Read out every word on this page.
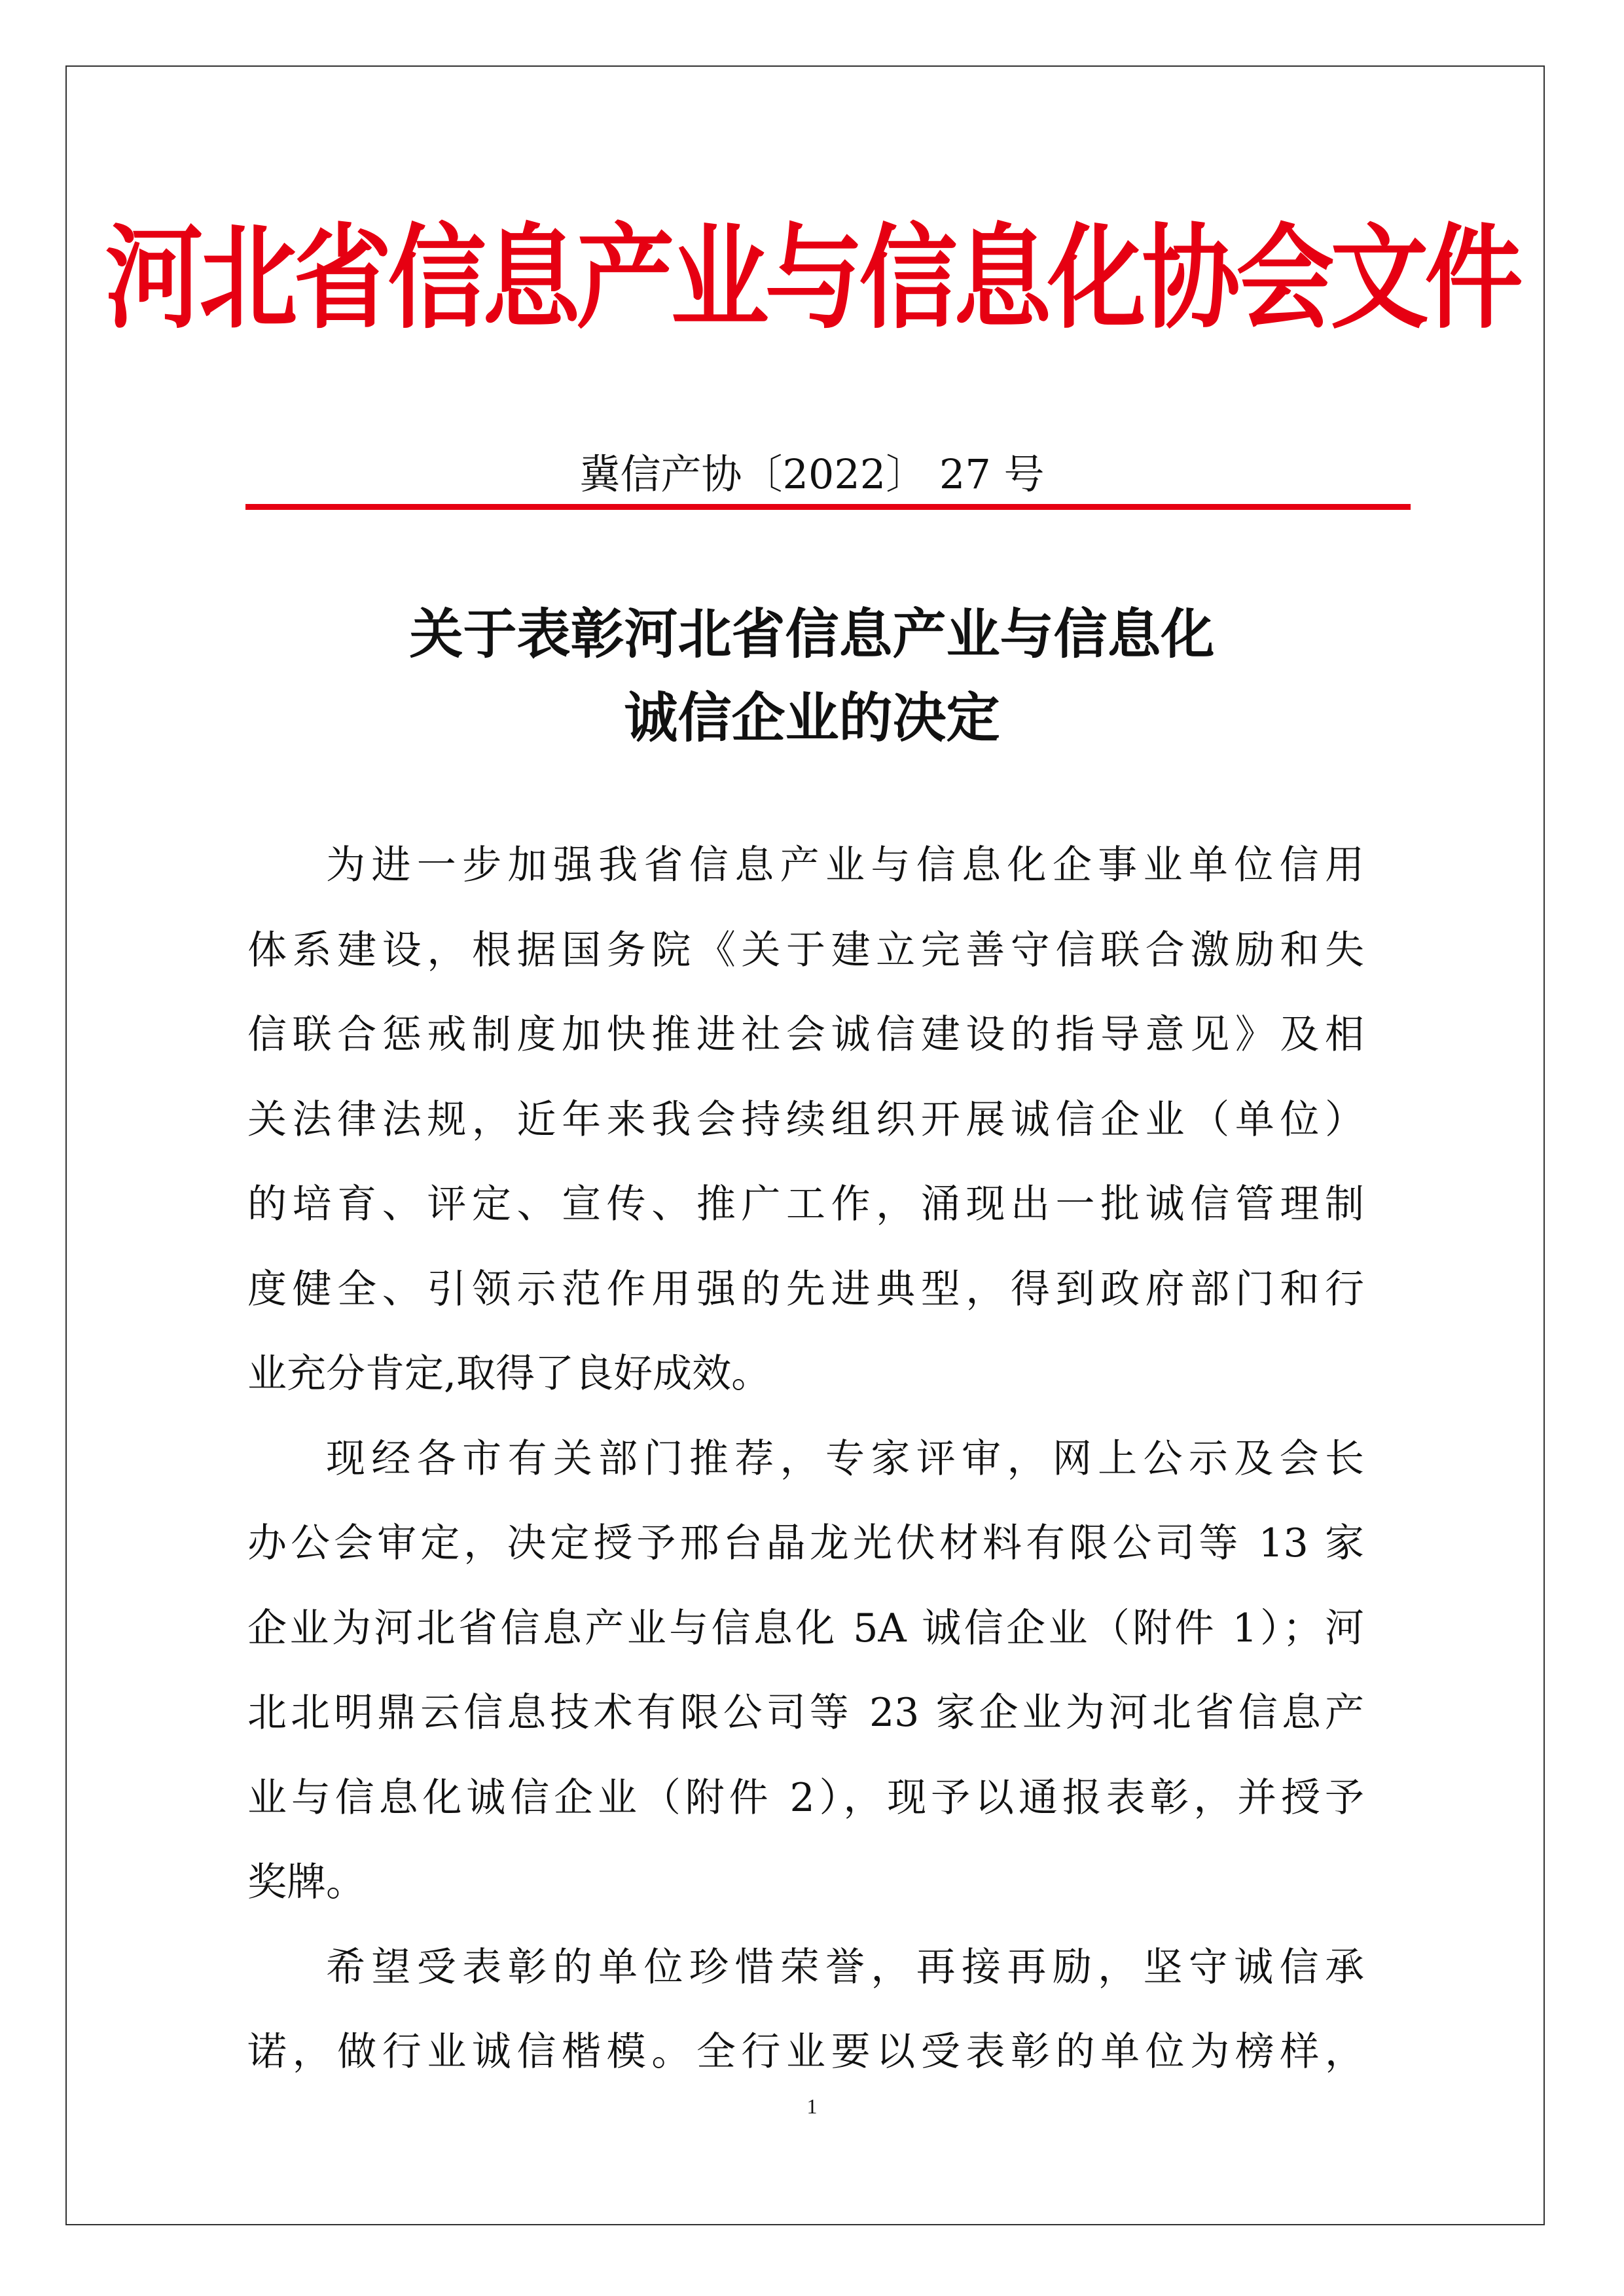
河北省信息产业与信息化协会文件
冀信产协〔2022〕 27 号
关于表彰河北省信息产业与信息化
诚信企业的决定
为进一步加强我省信息产业与信息化企事业单位信用
体系建设，根据国务院《关于建立完善守信联合激励和失
信联合惩戒制度加快推进社会诚信建设的指导意见》及相
关法律法规，近年来我会持续组织开展诚信企业（单位）
的培育、评定、宣传、推广工作，涌现出一批诚信管理制
度健全、引领示范作用强的先进典型，得到政府部门和行
业充分肯定,取得了良好成效。
现经各市有关部门推荐，专家评审，网上公示及会长
办公会审定，决定授予邢台晶龙光伏材料有限公司等 13 家
企业为河北省信息产业与信息化 5A 诚信企业（附件 1）；河
北北明鼎云信息技术有限公司等 23 家企业为河北省信息产
业与信息化诚信企业（附件 2），现予以通报表彰，并授予
奖牌。
希望受表彰的单位珍惜荣誉，再接再励，坚守诚信承
诺，做行业诚信楷模。全行业要以受表彰的单位为榜样，
1
